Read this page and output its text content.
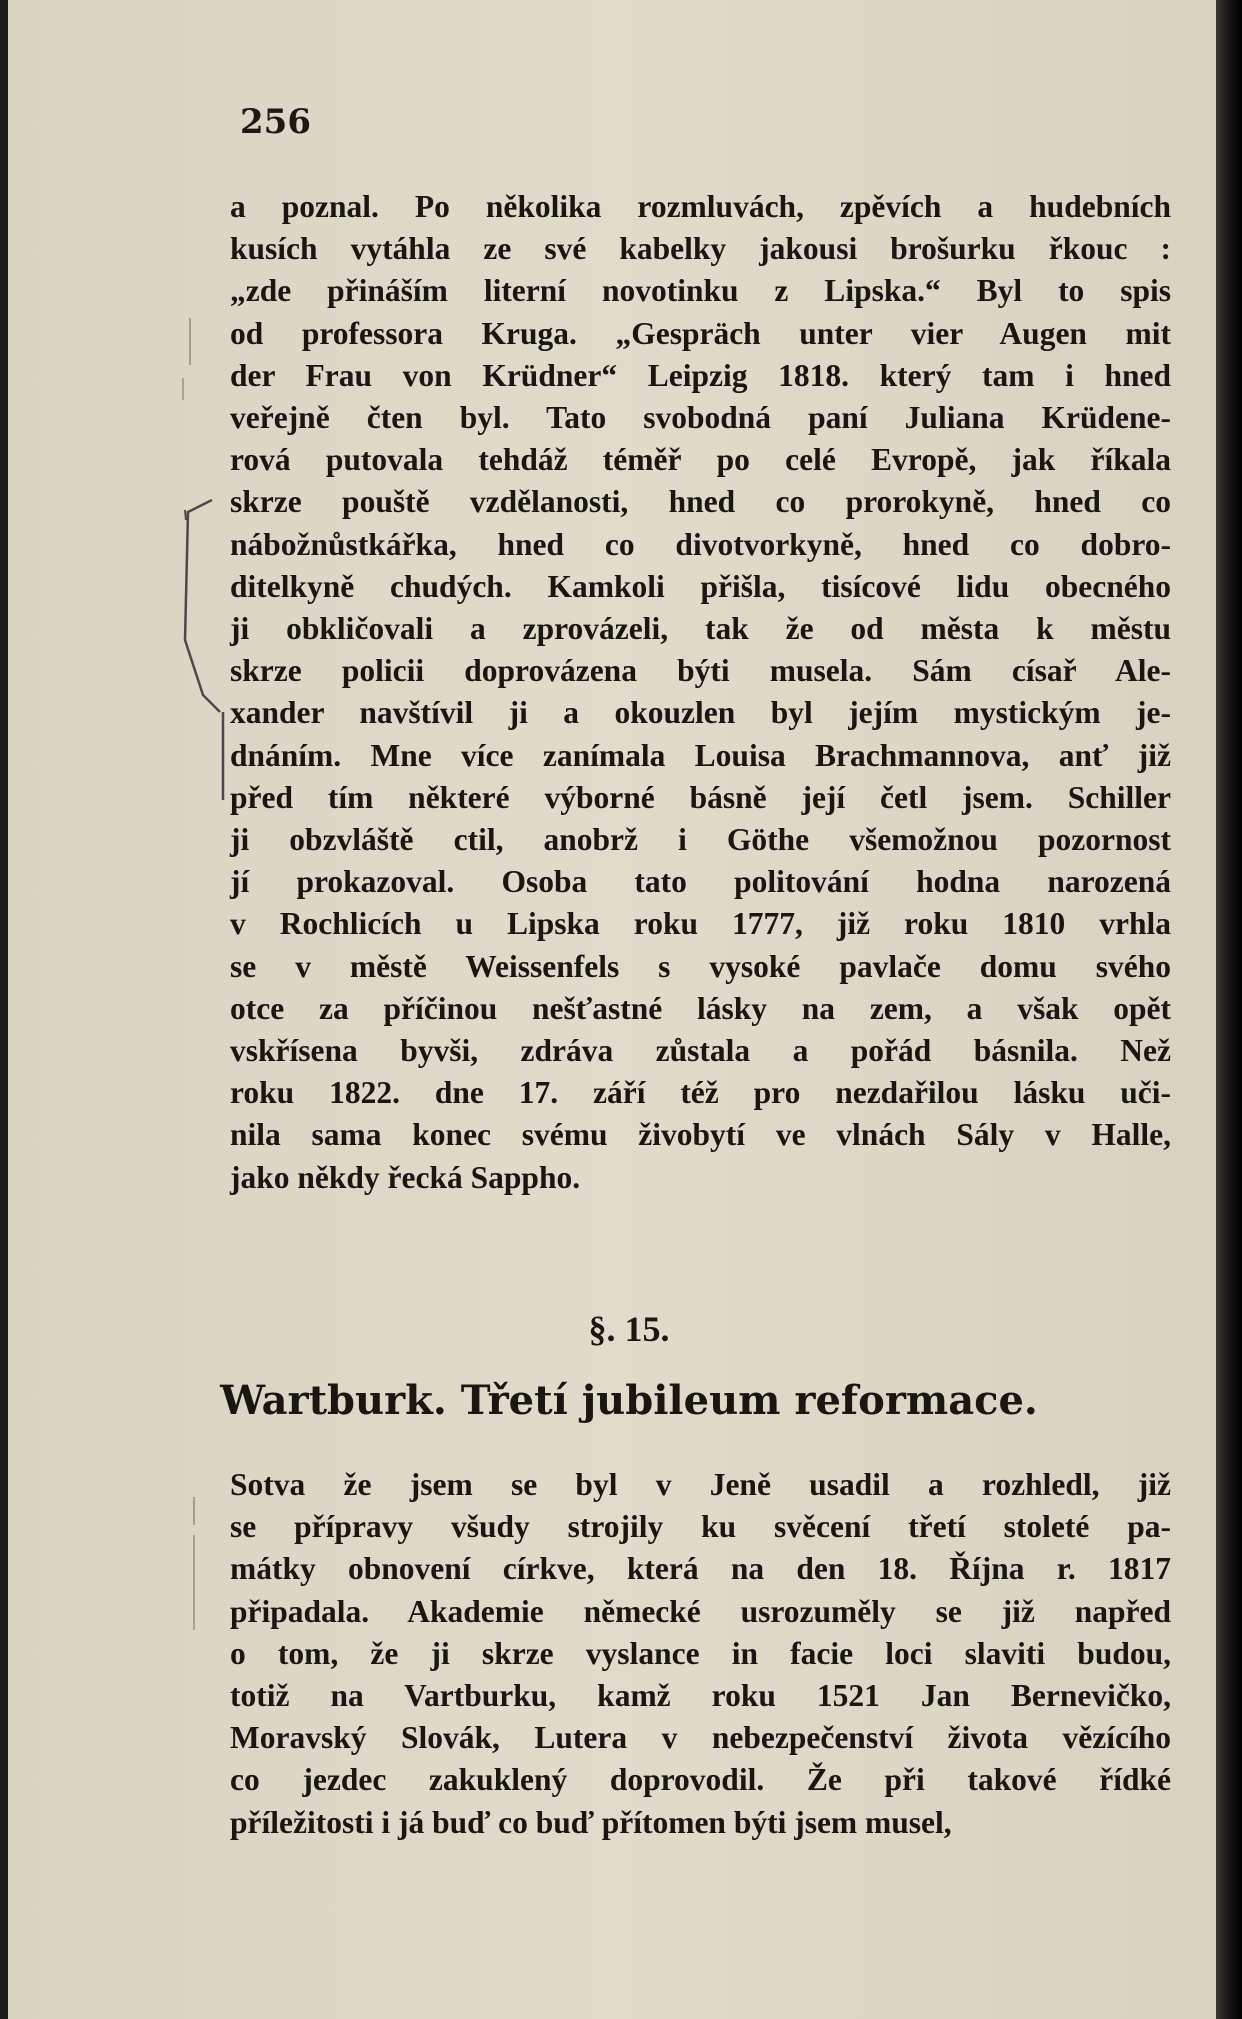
256
a poznal. Po několika rozmluvách, zpěvích a hudebních
kusích vytáhla ze své kabelky jakousi brošurku řkouc :
„zde přináším literní novotinku z Lipska.“ Byl to spis
od professora Kruga. „Gespräch unter vier Augen mit
der Frau von Krüdner“ Leipzig 1818. který tam i hned
veřejně čten byl. Tato svobodná paní Juliana Krüdene-
rová putovala tehdáž téměř po celé Evropě, jak říkala
skrze pouště vzdělanosti, hned co prorokyně, hned co
nábožnůstkářka, hned co divotvorkyně, hned co dobro-
ditelkyně chudých. Kamkoli přišla, tisícové lidu obecného
ji obkličovali a zprovázeli, tak že od města k městu
skrze policii doprovázena býti musela. Sám císař Ale-
xander navštívil ji a okouzlen byl jejím mystickým je-
dnáním. Mne více zanímala Louisa Brachmannova, anť již
před tím některé výborné básně její četl jsem. Schiller
ji obzvláště ctil, anobrž i Göthe všemožnou pozornost
jí prokazoval. Osoba tato politování hodna narozená
v Rochlicích u Lipska roku 1777, již roku 1810 vrhla
se v městě Weissenfels s vysoké pavlače domu svého
otce za příčinou nešťastné lásky na zem, a však opět
vskřísena byvši, zdráva zůstala a pořád básnila. Než
roku 1822. dne 17. září též pro nezdařilou lásku uči-
nila sama konec svému živobytí ve vlnách Sály v Halle,
jako někdy řecká Sappho.
§. 15.
Wartburk. Třetí jubileum reformace.
Sotva že jsem se byl v Jeně usadil a rozhledl, již
se přípravy všudy strojily ku svěcení třetí stoleté pa-
mátky obnovení církve, která na den 18. Října r. 1817
připadala. Akademie německé usrozuměly se již napřed
o tom, že ji skrze vyslance in facie loci slaviti budou,
totiž na Vartburku, kamž roku 1521 Jan Bernevičko,
Moravský Slovák, Lutera v nebezpečenství života vězícího
co jezdec zakuklený doprovodil. Že při takové řídké
příležitosti i já buď co buď přítomen býti jsem musel,
